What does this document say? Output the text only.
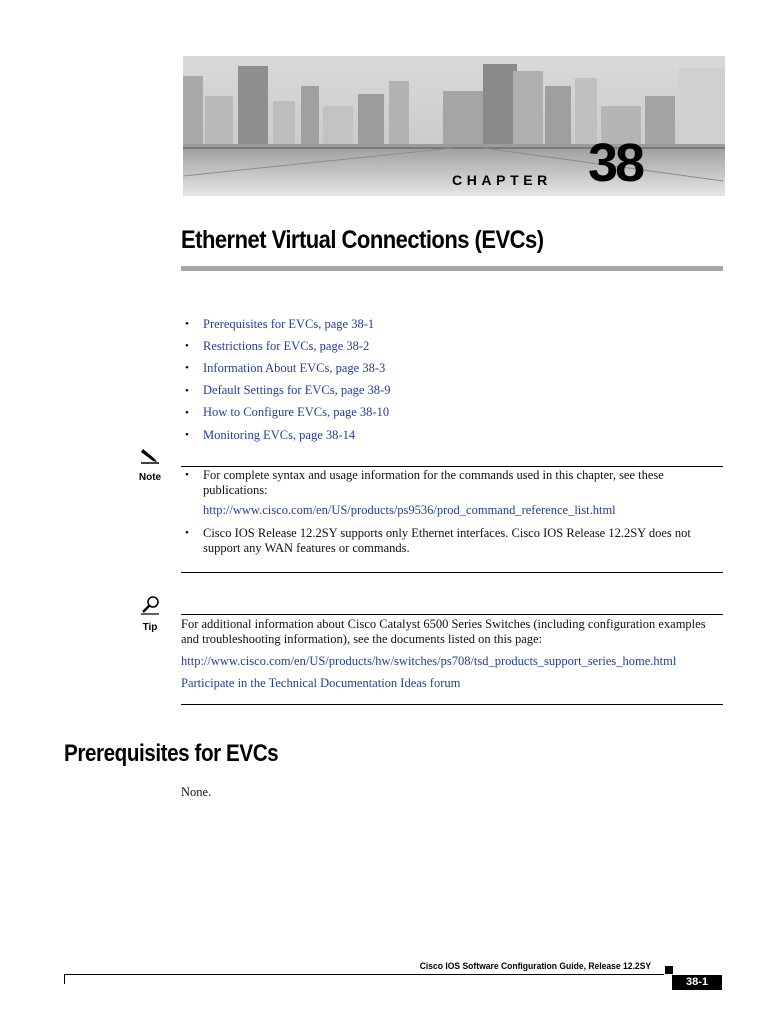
CHAPTER 38
Ethernet Virtual Connections (EVCs)
•	Prerequisites for EVCs, page 38-1
•	Restrictions for EVCs, page 38-2
•	Information About EVCs, page 38-3
•	Default Settings for EVCs, page 38-9
•	How to Configure EVCs, page 38-10
•	Monitoring EVCs, page 38-14
Note	•	For complete syntax and usage information for the commands used in this chapter, see these publications:
http://www.cisco.com/en/US/products/ps9536/prod_command_reference_list.html
•	Cisco IOS Release 12.2SY supports only Ethernet interfaces. Cisco IOS Release 12.2SY does not support any WAN features or commands.
Tip	For additional information about Cisco Catalyst 6500 Series Switches (including configuration examples and troubleshooting information), see the documents listed on this page:

http://www.cisco.com/en/US/products/hw/switches/ps708/tsd_products_support_series_home.html

Participate in the Technical Documentation Ideas forum

Prerequisites for EVCs
None.
Cisco IOS Software Configuration Guide, Release 12.2SY
38-1
